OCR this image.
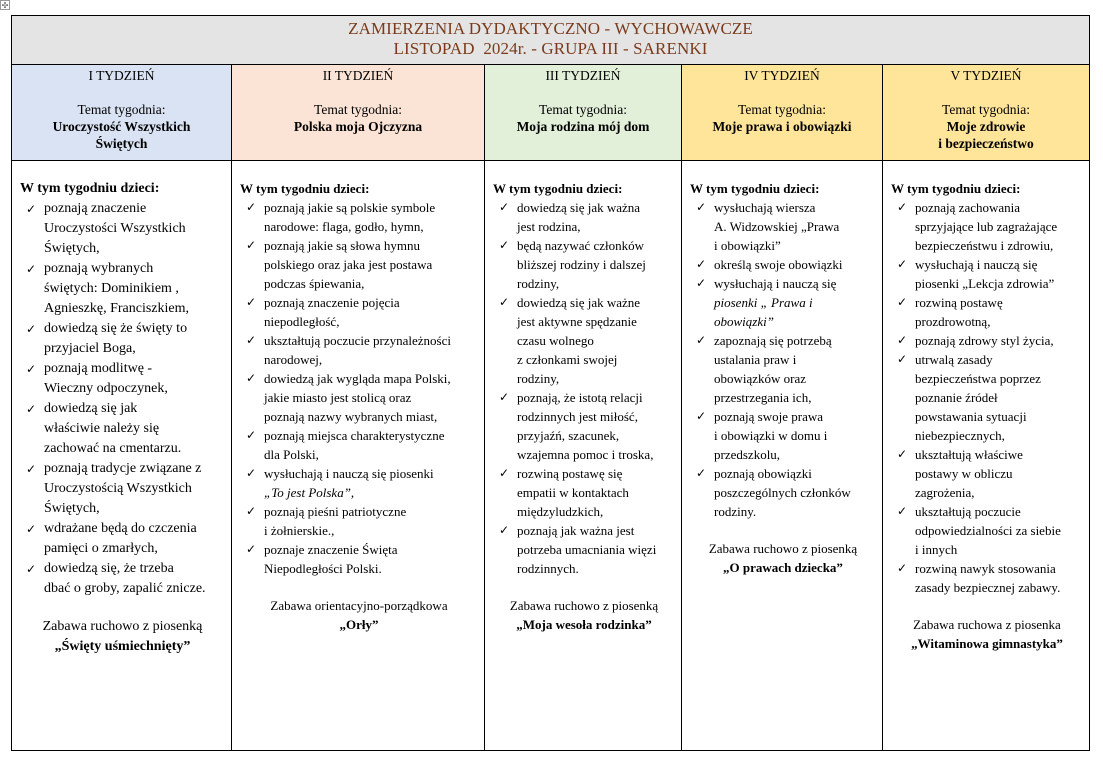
✣
ZAMIERZENIA DYDAKTYCZNO - WYCHOWAWCZE
LISTOPAD  2024r. - GRUPA III - SARENKI
I TYDZIEŃ
Temat tygodnia:
Uroczystość Wszystkich
Świętych
W tym tygodniu dzieci:
✓ poznają znaczenie
Uroczystości Wszystkich
Świętych,
✓ poznają wybranych
świętych: Dominikiem ,
Agnieszkę, Franciszkiem,
✓ dowiedzą się że święty to
przyjaciel Boga,
✓ poznają modlitwę -
Wieczny odpoczynek,
✓ dowiedzą się jak
właściwie należy się
zachować na cmentarzu.
✓ poznają tradycje związane z
Uroczystością Wszystkich
Świętych,
✓ wdrażane będą do czczenia
pamięci o zmarłych,
✓ dowiedzą się, że trzeba
dbać o groby, zapalić znicze.
Zabawa ruchowo z piosenką
„Święty uśmiechnięty”
II TYDZIEŃ
Temat tygodnia:
Polska moja Ojczyzna
W tym tygodniu dzieci:
✓ poznają jakie są polskie symbole
narodowe: flaga, godło, hymn,
✓ poznają jakie są słowa hymnu
polskiego oraz jaka jest postawa
podczas śpiewania,
✓ poznają znaczenie pojęcia
niepodległość,
✓ ukształtują poczucie przynależności
narodowej,
✓ dowiedzą jak wygląda mapa Polski,
jakie miasto jest stolicą oraz
poznają nazwy wybranych miast,
✓ poznają miejsca charakterystyczne
dla Polski,
✓ wysłuchają i nauczą się piosenki
„To jest Polska”,
✓ poznają pieśni patriotyczne
i żołnierskie.,
✓ poznaje znaczenie Święta
Niepodległości Polski.
Zabawa orientacyjno-porządkowa
„Orły”
III TYDZIEŃ
Temat tygodnia:
Moja rodzina mój dom
W tym tygodniu dzieci:
✓ dowiedzą się jak ważna
jest rodzina,
✓ będą nazywać członków
bliższej rodziny i dalszej
rodziny,
✓ dowiedzą się jak ważne
jest aktywne spędzanie
czasu wolnego
z członkami swojej
rodziny,
✓ poznają, że istotą relacji
rodzinnych jest miłość,
przyjaźń, szacunek,
wzajemna pomoc i troska,
✓ rozwiną postawę się
empatii w kontaktach
międzyludzkich,
✓ poznają jak ważna jest
potrzeba umacniania więzi
rodzinnych.
Zabawa ruchowo z piosenką
„Moja wesoła rodzinka”
IV TYDZIEŃ
Temat tygodnia:
Moje prawa i obowiązki
W tym tygodniu dzieci:
✓ wysłuchają wiersza
A. Widzowskiej „Prawa
i obowiązki”
✓ określą swoje obowiązki
✓ wysłuchają i nauczą się
piosenki „ Prawa i
obowiązki”
✓ zapoznają się potrzebą
ustalania praw i
obowiązków oraz
przestrzegania ich,
✓ poznają swoje prawa
i obowiązki w domu i
przedszkolu,
✓ poznają obowiązki
poszczególnych członków
rodziny.
Zabawa ruchowo z piosenką
„O prawach dziecka”
V TYDZIEŃ
Temat tygodnia:
Moje zdrowie
i bezpieczeństwo
W tym tygodniu dzieci:
✓ poznają zachowania
sprzyjające lub zagrażające
bezpieczeństwu i zdrowiu,
✓ wysłuchają i nauczą się
piosenki „Lekcja zdrowia”
✓ rozwiną postawę
prozdrowotną,
✓ poznają zdrowy styl życia,
✓ utrwalą zasady
bezpieczeństwa poprzez
poznanie źródeł
powstawania sytuacji
niebezpiecznych,
✓ ukształtują właściwe
postawy w obliczu
zagrożenia,
✓ ukształtują poczucie
odpowiedzialności za siebie
i innych
✓ rozwiną nawyk stosowania
zasady bezpiecznej zabawy.
Zabawa ruchowa z piosenka
„Witaminowa gimnastyka”
